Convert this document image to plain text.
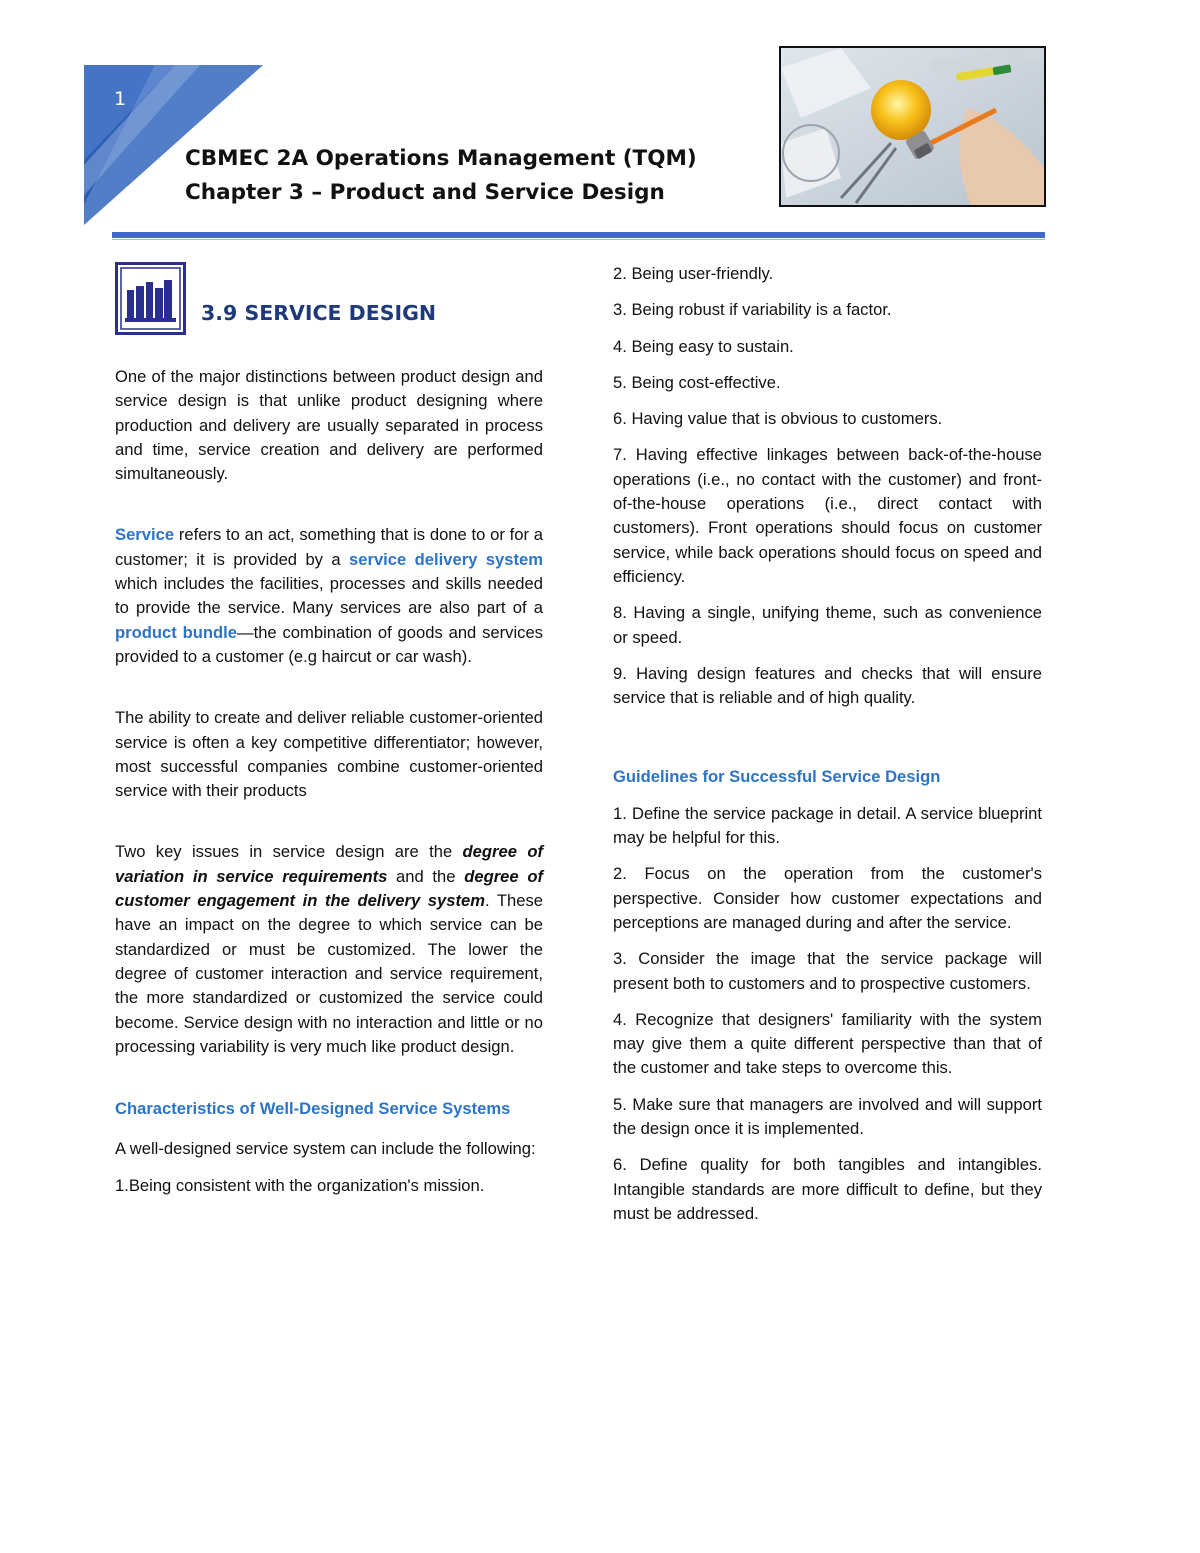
1
CBMEC 2A Operations Management (TQM)
Chapter 3 – Product and Service Design
3.9 SERVICE DESIGN

One of the major distinctions between product design and service design is that unlike product designing where production and delivery are usually separated in process and time, service creation and delivery are performed simultaneously.

Service refers to an act, something that is done to or for a customer; it is provided by a service delivery system which includes the facilities, processes and skills needed to provide the service. Many services are also part of a product bundle—the combination of goods and services provided to a customer (e.g haircut or car wash).

The ability to create and deliver reliable customer-oriented service is often a key competitive differentiator; however, most successful companies combine customer-oriented service with their products

Two key issues in service design are the degree of variation in service requirements and the degree of customer engagement in the delivery system. These have an impact on the degree to which service can be standardized or must be customized. The lower the degree of customer interaction and service requirement, the more standardized or customized the service could become. Service design with no interaction and little or no processing variability is very much like product design.

Characteristics of Well-Designed Service Systems

A well-designed service system can include the following:

1.Being consistent with the organization's mission.

2. Being user-friendly.

3. Being robust if variability is a factor.

4. Being easy to sustain.

5. Being cost-effective.

6. Having value that is obvious to customers.

7. Having effective linkages between back-of-the-house operations (i.e., no contact with the customer) and front-of-the-house operations (i.e., direct contact with customers). Front operations should focus on customer service, while back operations should focus on speed and efficiency.

8. Having a single, unifying theme, such as convenience or speed.

9. Having design features and checks that will ensure service that is reliable and of high quality.

Guidelines for Successful Service Design

1. Define the service package in detail. A service blueprint may be helpful for this.

2. Focus on the operation from the customer's perspective. Consider how customer expectations and perceptions are managed during and after the service.

3. Consider the image that the service package will present both to customers and to prospective customers.

4. Recognize that designers' familiarity with the system may give them a quite different perspective than that of the customer and take steps to overcome this.

5. Make sure that managers are involved and will support the design once it is implemented.

6. Define quality for both tangibles and intangibles. Intangible standards are more difficult to define, but they must be addressed.
